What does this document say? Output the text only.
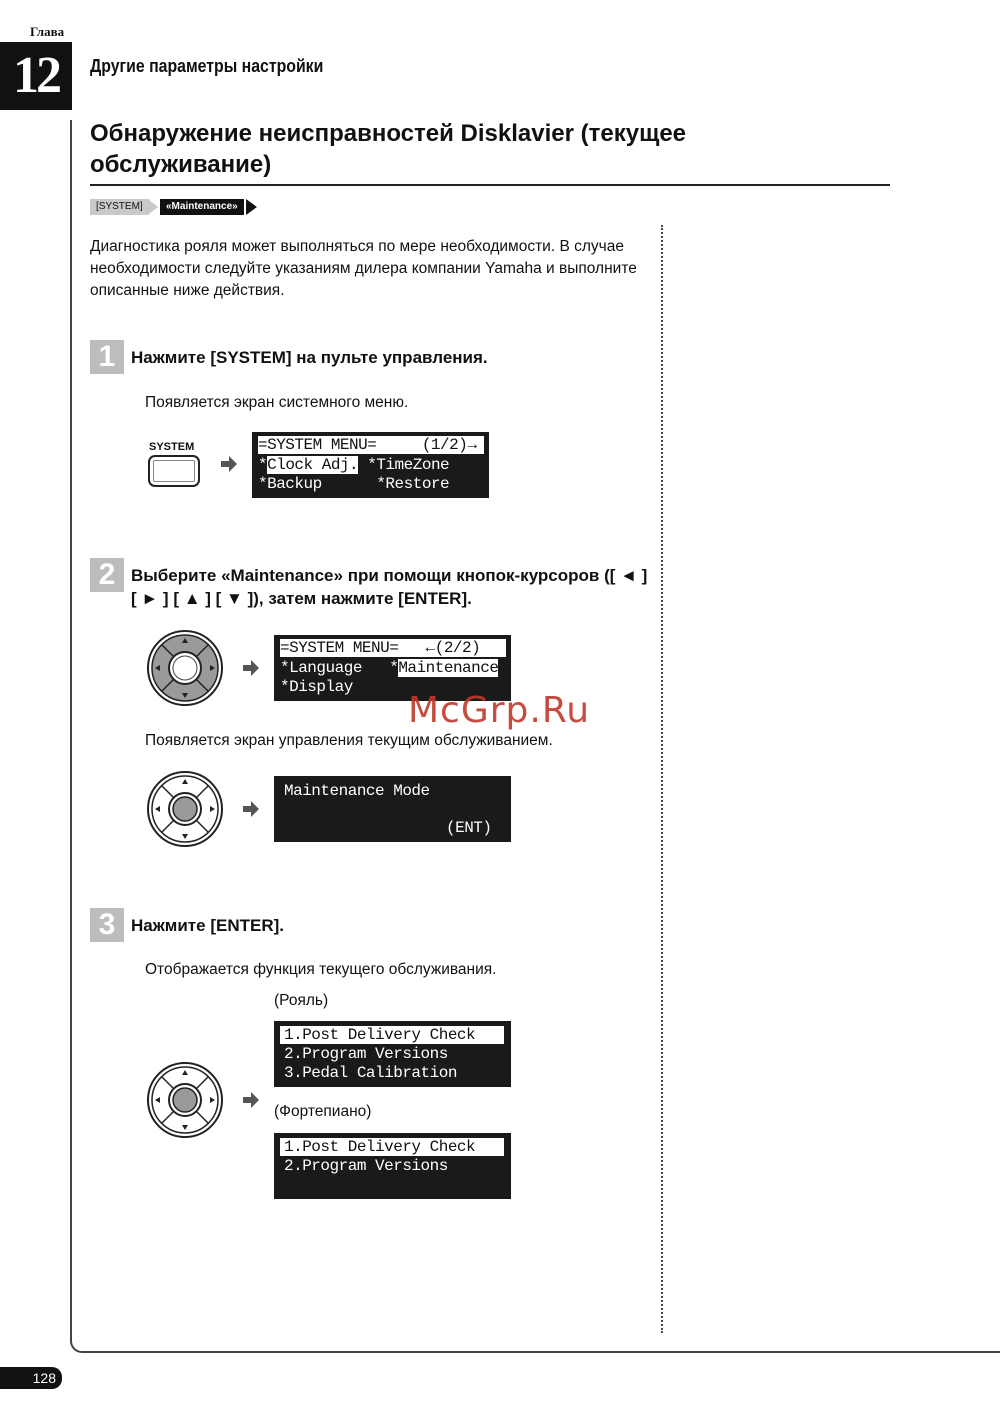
Глава
12	Другие параметры настройки
Обнаружение неисправностей Disklavier (текущее обслуживание)
[SYSTEM]	«Maintenance»
Диагностика рояля может выполняться по мере необходимости. В случае необходимости следуйте указаниям дилера компании Yamaha и выполните описанные ниже действия.
1 Нажмите [SYSTEM] на пульте управления.
Появляется экран системного меню.
SYSTEM	=SYSTEM MENU=     (1/2)→
*Clock Adj. *TimeZone
*Backup      *Restore
2 Выберите «Maintenance» при помощи кнопок-курсоров ([ ◄ ] [ ► ] [ ▲ ] [ ▼ ]), затем нажмите [ENTER].
=SYSTEM MENU=   ←(2/2)
*Language   *Maintenance
*Display
McGrp.Ru
Появляется экран управления текущим обслуживанием.
Maintenance Mode
(ENT)
3 Нажмите [ENTER].
Отображается функция текущего обслуживания.
(Рояль)
1.Post Delivery Check
2.Program Versions
3.Pedal Calibration
(Фортепиано)
1.Post Delivery Check
2.Program Versions
128
